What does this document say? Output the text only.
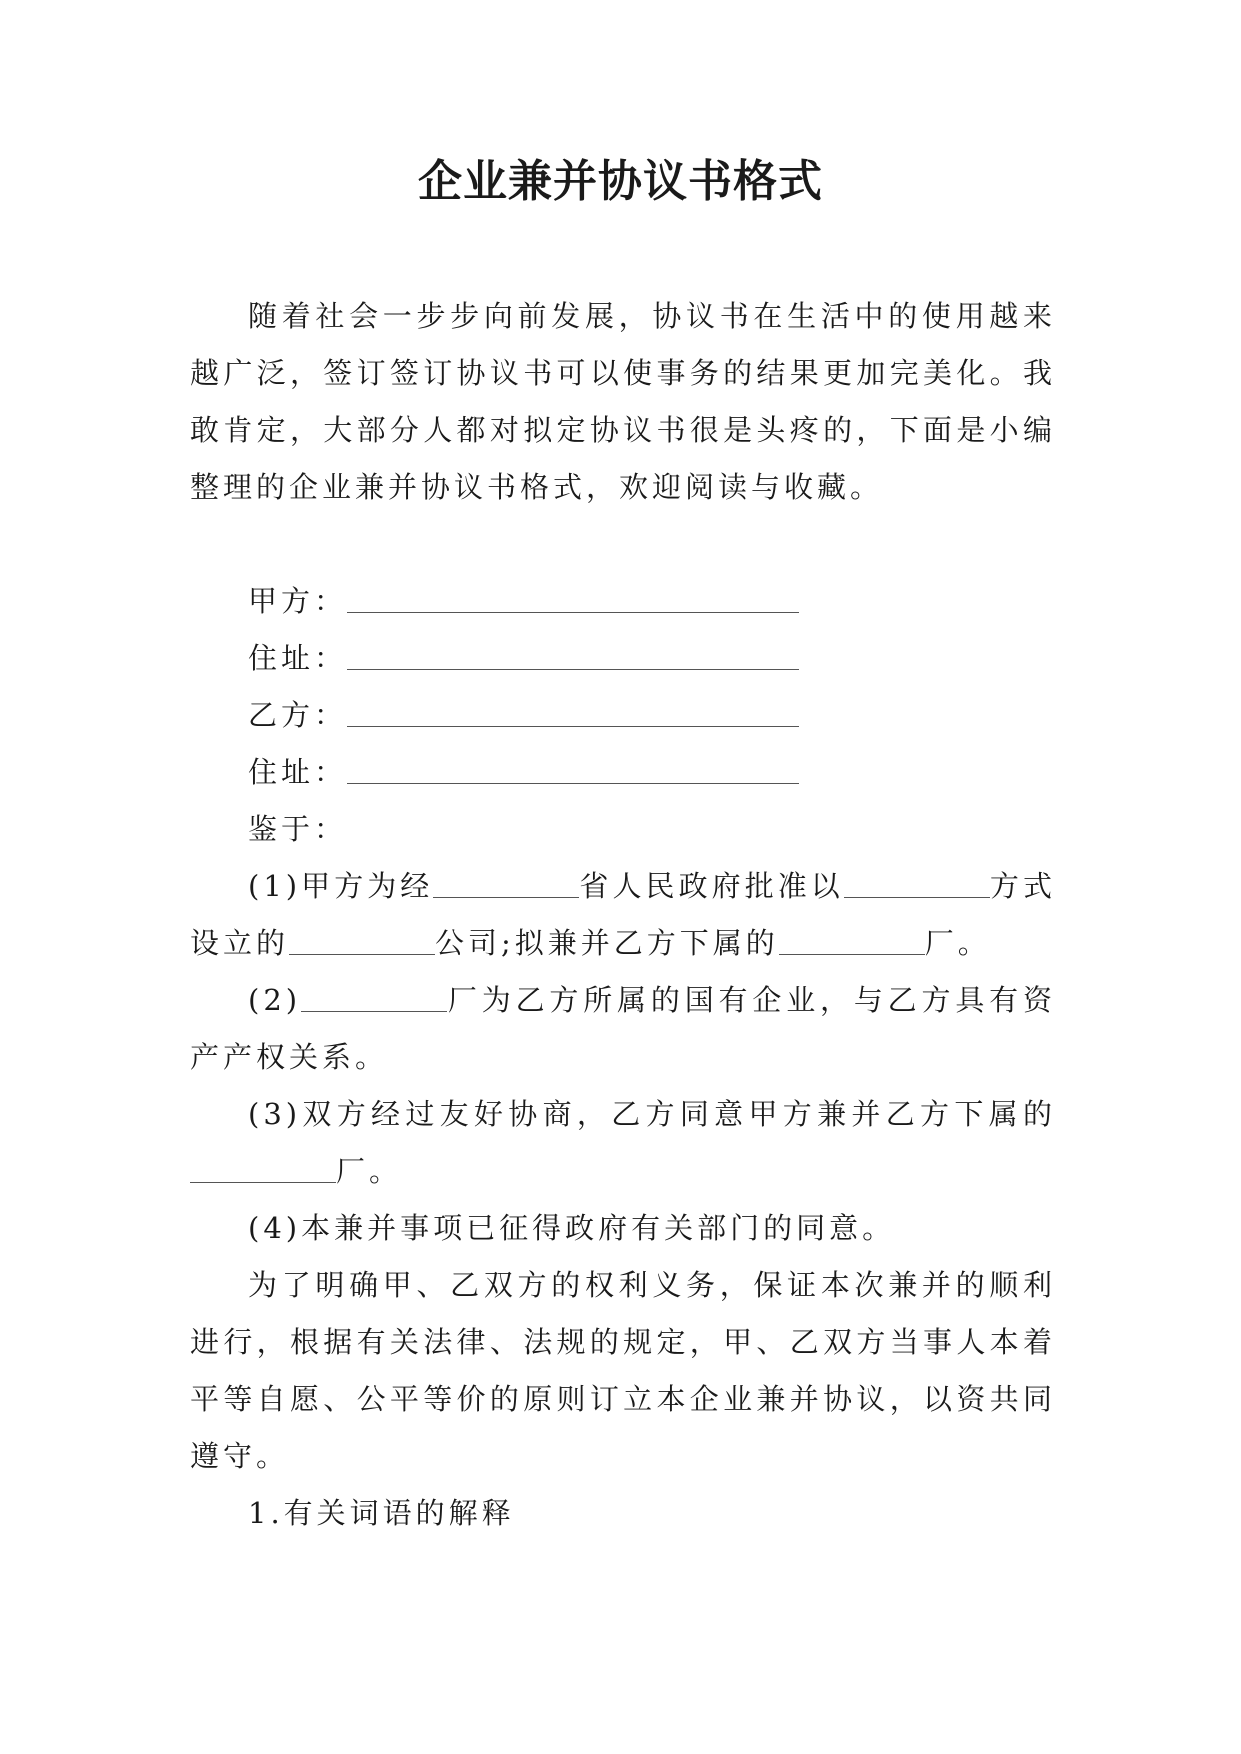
企业兼并协议书格式

随着社会一步步向前发展，协议书在生活中的使用越来越广泛，签订签订协议书可以使事务的结果更加完美化。我敢肯定，大部分人都对拟定协议书很是头疼的，下面是小编整理的企业兼并协议书格式，欢迎阅读与收藏。

甲方：

住址：

乙方：

住址：

鉴于：

(1)甲方为经	省人民政府批准以	方式设立的	公司;拟兼并乙方下属的	厂。

(2)	厂为乙方所属的国有企业，与乙方具有资产产权关系。

(3)双方经过友好协商，乙方同意甲方兼并乙方下属的厂。

(4)本兼并事项已征得政府有关部门的同意。

为了明确甲、乙双方的权利义务，保证本次兼并的顺利进行，根据有关法律、法规的规定，甲、乙双方当事人本着平等自愿、公平等价的原则订立本企业兼并协议，以资共同遵守。

1.有关词语的解释
